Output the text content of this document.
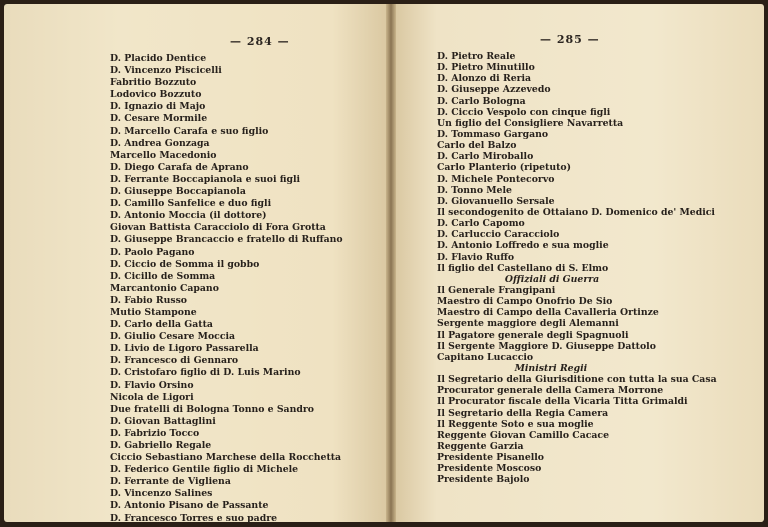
— 284 —
D. Placido Dentice
D. Vincenzo Piscicelli
Fabritio Bozzuto
Lodovico Bozzuto
D. Ignazio di Majo
D. Cesare Mormile
D. Marcello Carafa e suo figlio
D. Andrea Gonzaga
Marcello Macedonio
D. Diego Carafa de Aprano
D. Ferrante Boccapianola e suoi figli
D. Giuseppe Boccapianola
D. Camillo Sanfelice e duo figli
D. Antonio Moccia (il dottore)
Giovan Battista Caracciolo di Fora Grotta
D. Giuseppe Brancaccio e fratello di Ruffano
D. Paolo Pagano
D. Ciccio de Somma il gobbo
D. Cicillo de Somma
Marcantonio Capano
D. Fabio Russo
Mutio Stampone
D. Carlo della Gatta
D. Giulio Cesare Moccia
D. Livio de Ligoro Passarella
D. Francesco di Gennaro
D. Cristofaro figlio di D. Luis Marino
D. Flavio Orsino
Nicola de Ligori
Due fratelli di Bologna Tonno e Sandro
D. Giovan Battaglini
D. Fabrizio Tocco
D. Gabriello Regale
Ciccio Sebastiano Marchese della Rocchetta
D. Federico Gentile figlio di Michele
D. Ferrante de Vigliena
D. Vincenzo Salines
D. Antonio Pisano de Passante
D. Francesco Torres e suo padre
— 285 —
D. Pietro Reale
D. Pietro Minutillo
D. Alonzo di Reria
D. Giuseppe Azzevedo
D. Carlo Bologna
D. Ciccio Vespolo con cinque figli
Un figlio del Consigliere Navarretta
D. Tommaso Gargano
Carlo del Balzo
D. Carlo Miroballo
Carlo Planterio (ripetuto)
D. Michele Pontecorvo
D. Tonno Mele
D. Giovanuello Sersale
Il secondogenito de Ottaiano D. Domenico de' Medici
D. Carlo Capomo
D. Carluccio Caracciolo
D. Antonio Loffredo e sua moglie
D. Flavio Ruffo
Il figlio del Castellano di S. Elmo
Offiziali di Guerra
Il Generale Frangipani
Maestro di Campo Onofrio De Sio
Maestro di Campo della Cavalleria Ortinze
Sergente maggiore degli Alemanni
Il Pagatore generale degli Spagnuoli
Il Sergente Maggiore D. Giuseppe Dattolo
Capitano Lucaccio
Ministri Regii
Il Segretario della Giurisditione con tutta la sua Casa
Procurator generale della Camera Morrone
Il Procurator fiscale della Vicaria Titta Grimaldi
Il Segretario della Regia Camera
Il Reggente Soto e sua moglie
Reggente Giovan Camillo Cacace
Reggente Garzia
Presidente Pisanello
Presidente Moscoso
Presidente Bajolo
